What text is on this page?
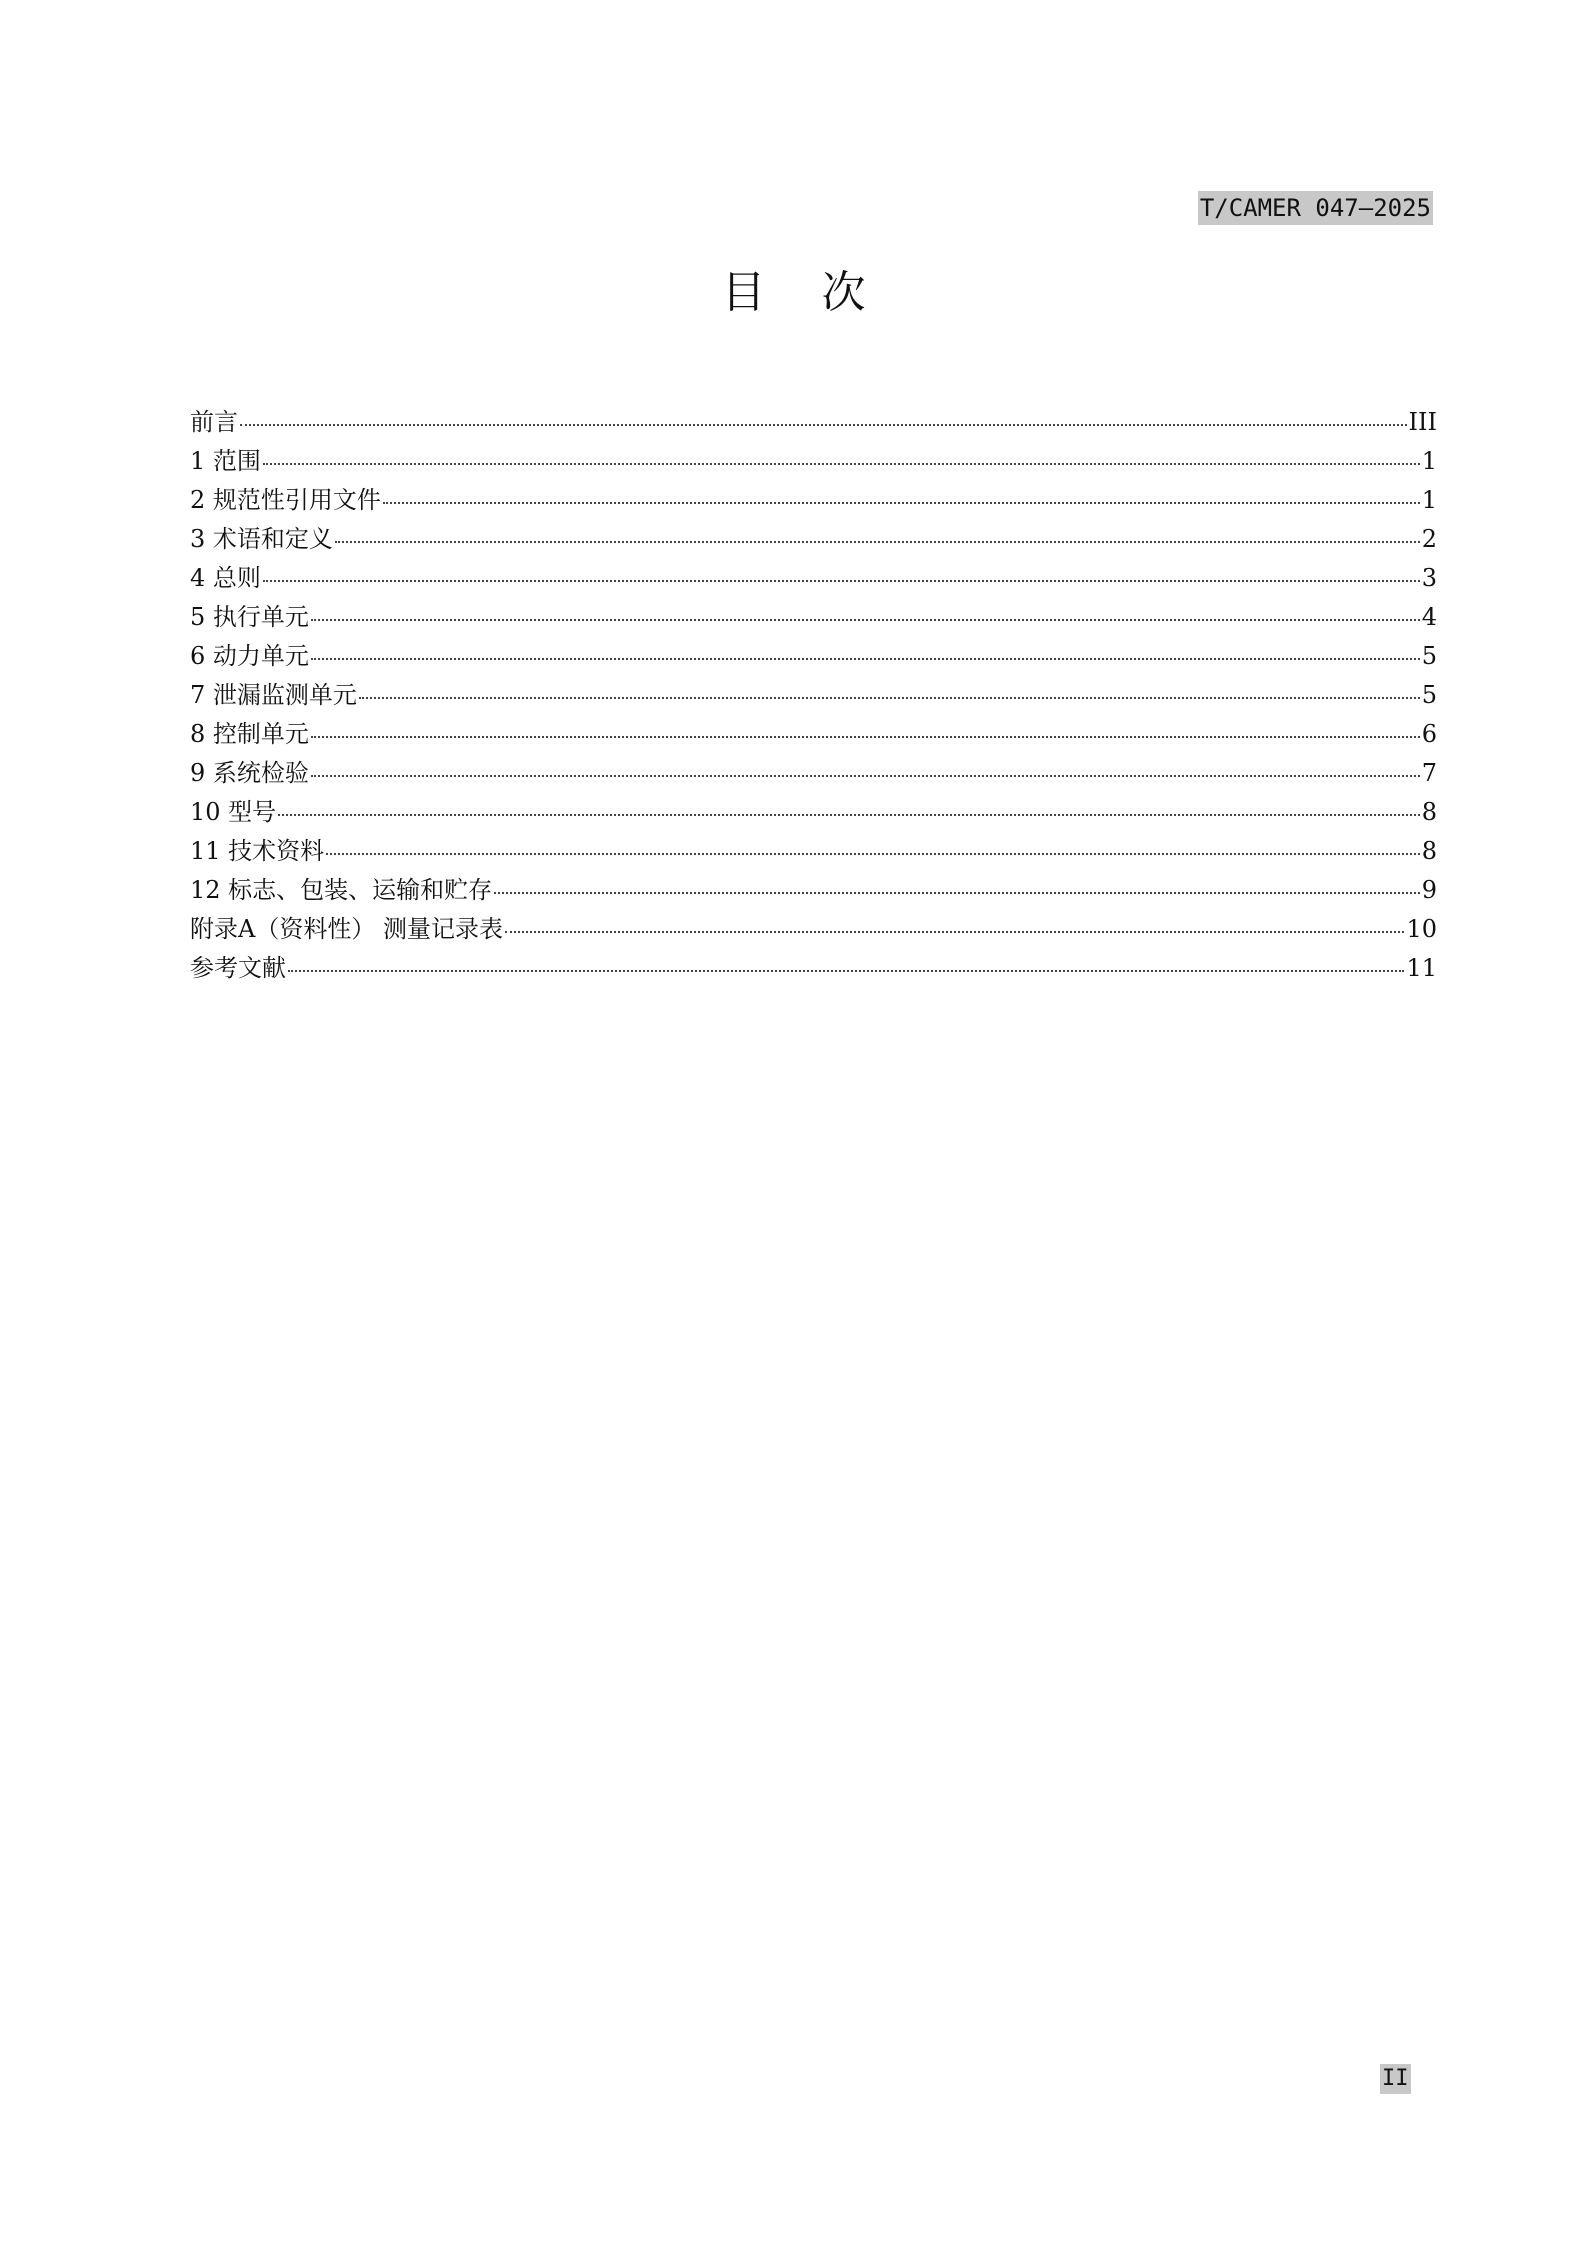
T/CAMER 047—2025
目次
前言	III
1 范围	1
2 规范性引用文件	1
3 术语和定义	2
4 总则	3
5 执行单元	4
6 动力单元	5
7 泄漏监测单元	5
8 控制单元	6
9 系统检验	7
10 型号	8
11 技术资料	8
12 标志、包装、运输和贮存	9
附录A（资料性） 测量记录表	10
参考文献	11
II
